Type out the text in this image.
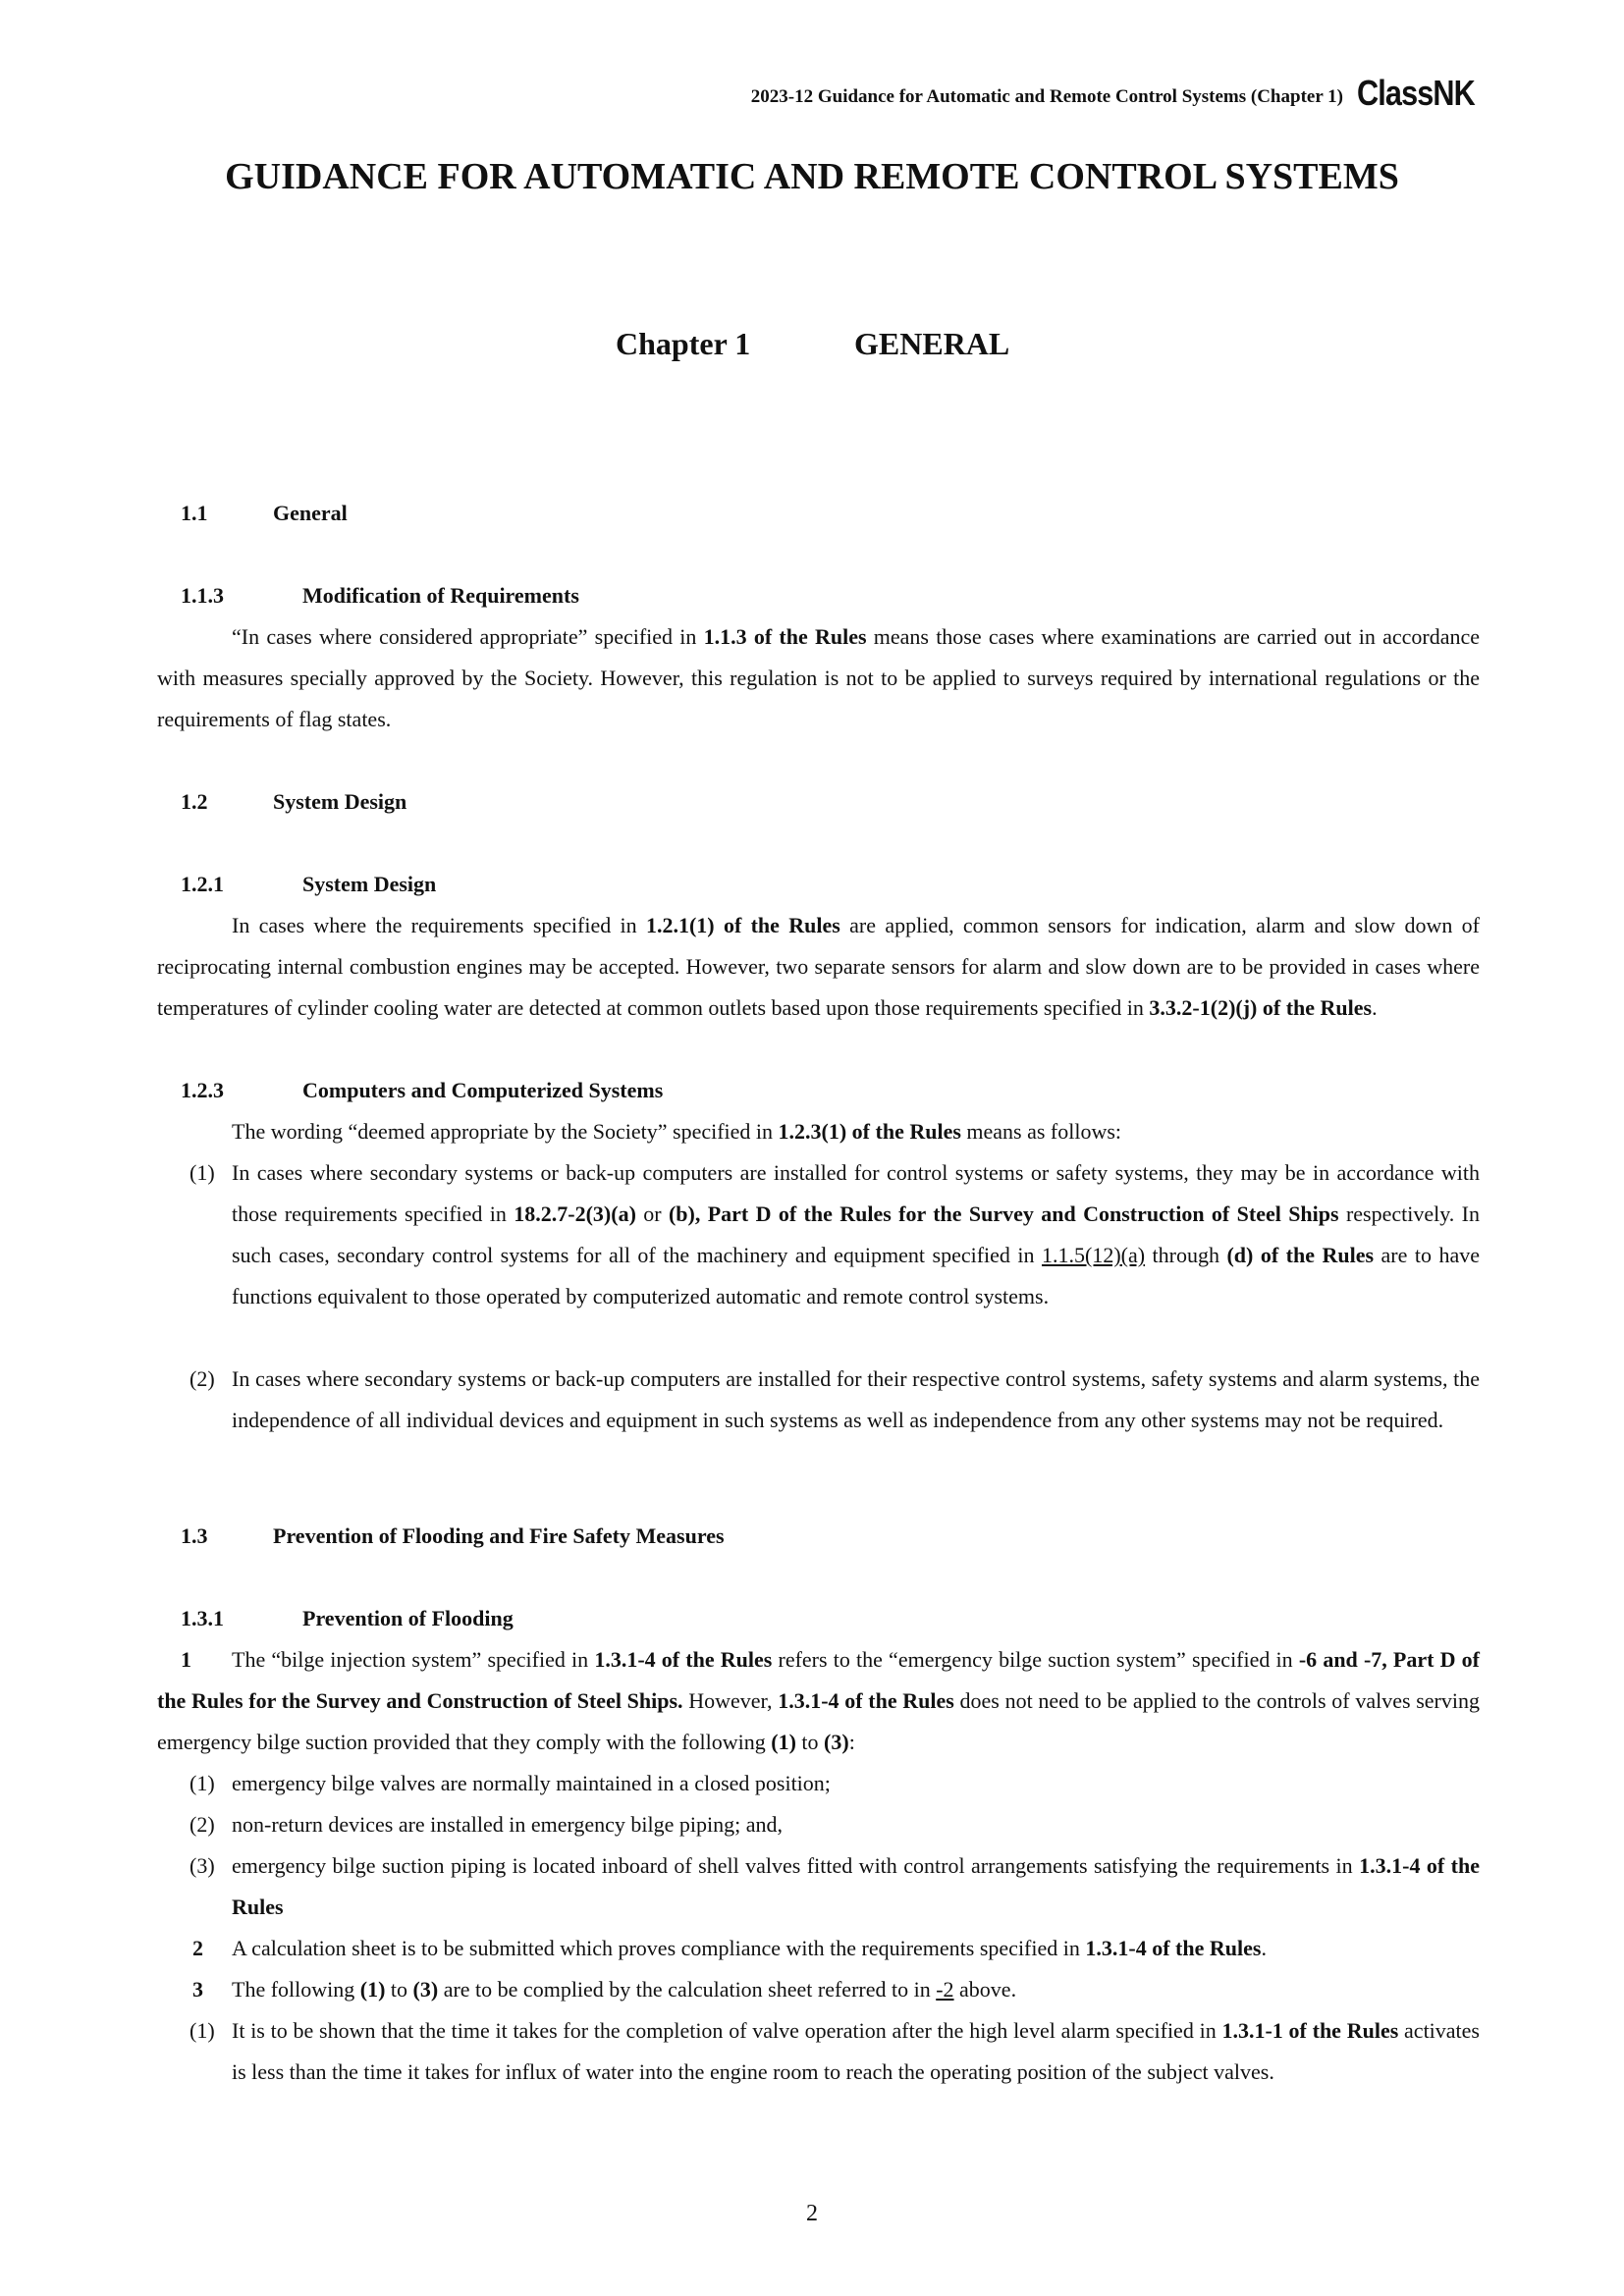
2023-12 Guidance for Automatic and Remote Control Systems (Chapter 1) ClassNK
GUIDANCE FOR AUTOMATIC AND REMOTE CONTROL SYSTEMS
Chapter 1	GENERAL
1.1	General
1.1.3	Modification of Requirements
“In cases where considered appropriate” specified in 1.1.3 of the Rules means those cases where examinations are carried out in accordance with measures specially approved by the Society. However, this regulation is not to be applied to surveys required by international regulations or the requirements of flag states.
1.2	System Design
1.2.1	System Design
In cases where the requirements specified in 1.2.1(1) of the Rules are applied, common sensors for indication, alarm and slow down of reciprocating internal combustion engines may be accepted. However, two separate sensors for alarm and slow down are to be provided in cases where temperatures of cylinder cooling water are detected at common outlets based upon those requirements specified in 3.3.2-1(2)(j) of the Rules.
1.2.3	Computers and Computerized Systems
The wording “deemed appropriate by the Society” specified in 1.2.3(1) of the Rules means as follows:
(1) In cases where secondary systems or back-up computers are installed for control systems or safety systems, they may be in accordance with those requirements specified in 18.2.7-2(3)(a) or (b), Part D of the Rules for the Survey and Construction of Steel Ships respectively. In such cases, secondary control systems for all of the machinery and equipment specified in 1.1.5(12)(a) through (d) of the Rules are to have functions equivalent to those operated by computerized automatic and remote control systems.
(2) In cases where secondary systems or back-up computers are installed for their respective control systems, safety systems and alarm systems, the independence of all individual devices and equipment in such systems as well as independence from any other systems may not be required.
1.3	Prevention of Flooding and Fire Safety Measures
1.3.1	Prevention of Flooding
1 The “bilge injection system” specified in 1.3.1-4 of the Rules refers to the “emergency bilge suction system” specified in -6 and -7, Part D of the Rules for the Survey and Construction of Steel Ships. However, 1.3.1-4 of the Rules does not need to be applied to the controls of valves serving emergency bilge suction provided that they comply with the following (1) to (3):
(1) emergency bilge valves are normally maintained in a closed position;
(2) non-return devices are installed in emergency bilge piping; and,
(3) emergency bilge suction piping is located inboard of shell valves fitted with control arrangements satisfying the requirements in 1.3.1-4 of the Rules
2 A calculation sheet is to be submitted which proves compliance with the requirements specified in 1.3.1-4 of the Rules.
3 The following (1) to (3) are to be complied by the calculation sheet referred to in -2 above.
(1) It is to be shown that the time it takes for the completion of valve operation after the high level alarm specified in 1.3.1-1 of the Rules activates is less than the time it takes for influx of water into the engine room to reach the operating position of the subject valves.
2
